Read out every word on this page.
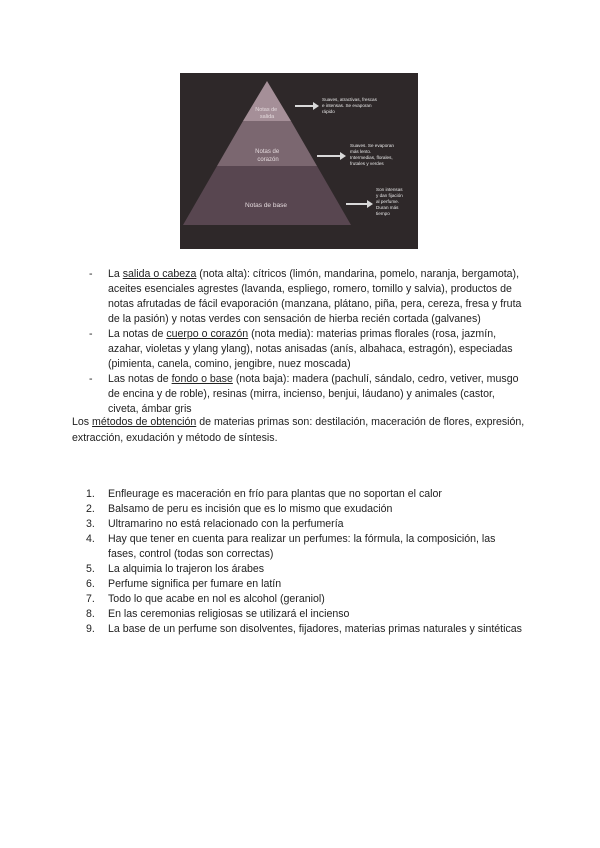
Notas de salida
Notas de corazón
Notas de base
Suaves, atractivas, frescas e intensas. Se evaporan rápido
Suaves. Se evaporan más lento. Intermedias, florales, frutales y verdes
Son intensas y dan fijación al perfume. Duran más tiempo
- La salida o cabeza (nota alta): cítricos (limón, mandarina, pomelo, naranja, bergamota), aceites esenciales agrestes (lavanda, espliego, romero, tomillo y salvia), productos de notas afrutadas de fácil evaporación (manzana, plátano, piña, pera, cereza, fresa y fruta de la pasión) y notas verdes con sensación de hierba recién cortada (galvanes)
- La notas de cuerpo o corazón (nota media): materias primas florales (rosa, jazmín, azahar, violetas y ylang ylang), notas anisadas (anís, albahaca, estragón), especiadas (pimienta, canela, comino, jengibre, nuez moscada)
- Las notas de fondo o base (nota baja): madera (pachulí, sándalo, cedro, vetiver, musgo de encina y de roble), resinas (mirra, incienso, benjui, láudano) y animales (castor, civeta, ámbar gris

Los métodos de obtención de materias primas son: destilación, maceración de flores, expresión, extracción, exudación y método de síntesis.

1. Enfleurage es maceración en frío para plantas que no soportan el calor
2. Balsamo de peru es incisión que es lo mismo que exudación
3. Ultramarino no está relacionado con la perfumería
4. Hay que tener en cuenta para realizar un perfumes: la fórmula, la composición, las fases, control (todas son correctas)
5. La alquimia lo trajeron los árabes
6. Perfume significa per fumare en latín
7. Todo lo que acabe en nol es alcohol (geraniol)
8. En las ceremonias religiosas se utilizará el incienso
9. La base de un perfume son disolventes, fijadores, materias primas naturales y sintéticas
